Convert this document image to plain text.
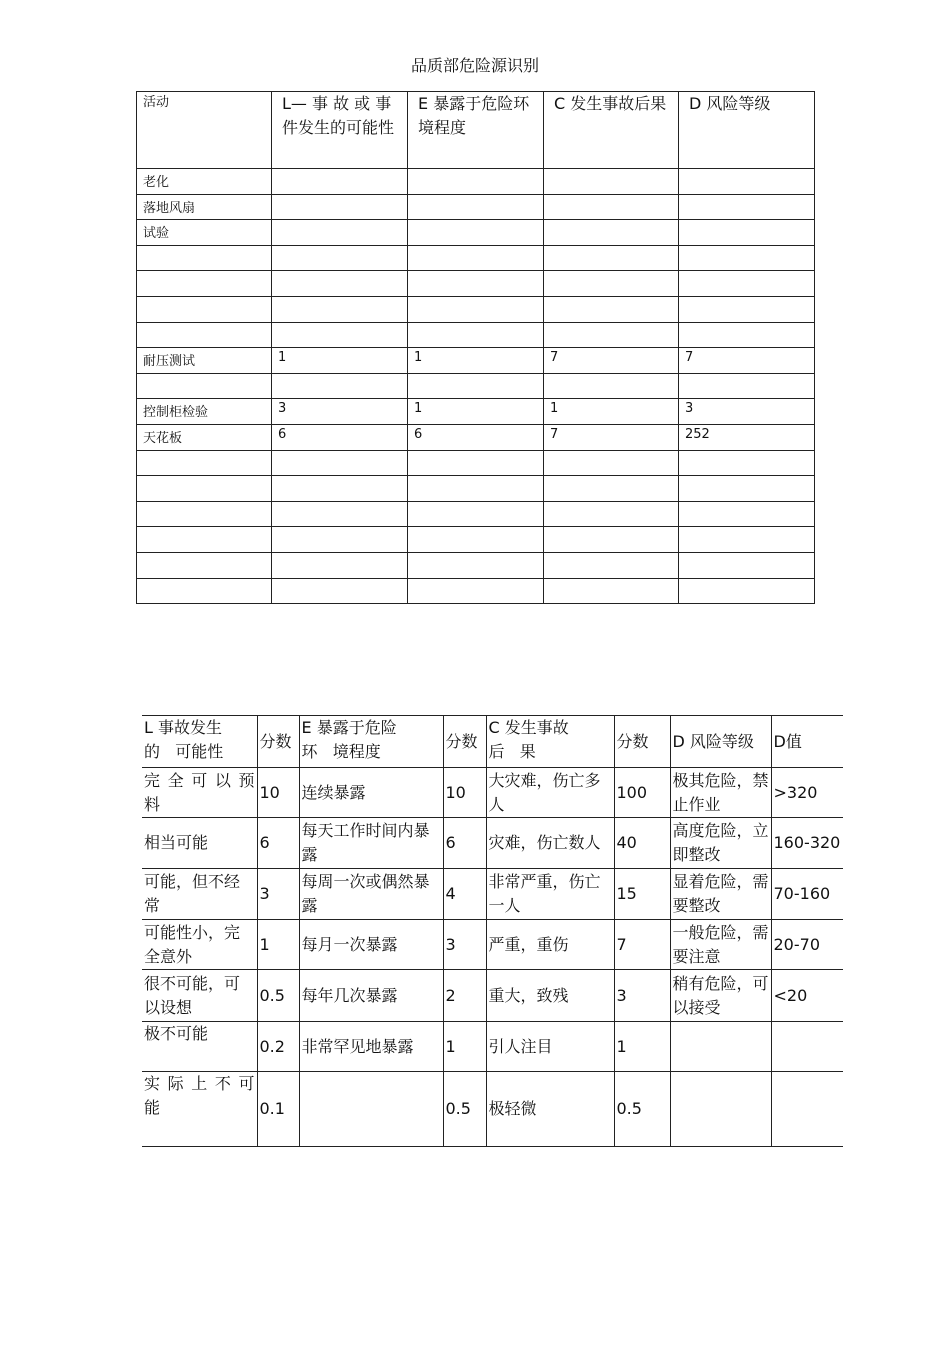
品质部危险源识别
活动	L— 事 故 或 事 件发生的可能性	E 暴露于危险环境程度	C 发生事故后果	D 风险等级
老化				
落地风扇				
试验				

耐压测试	1	1	7	7

控制柜检验	3	1	1	3
天花板	6	6	7	252

L 事故发生的   可能性	分数	E 暴露于危险环   境程度	分数	C 发生事故后   果	分数	D 风险等级	D值
完 全 可 以 预料	10	连续暴露	10	大灾难，伤亡多人	100	极其危险，禁止作业	>320
相当可能	6	每天工作时间内暴露	6	灾难，伤亡数人	40	高度危险，立即整改	160-320
可能，但不经常	3	每周一次或偶然暴露	4	非常严重，伤亡一人	15	显着危险，需要整改	70-160
可能性小，完全意外	1	每月一次暴露	3	严重，重伤	7	一般危险，需要注意	20-70
很不可能，可以设想	0.5	每年几次暴露	2	重大，致残	3	稍有危险，可以接受	<20
极不可能	0.2	非常罕见地暴露	1	引人注目	1		
实 际 上 不 可能	0.1		0.5	极轻微	0.5		
